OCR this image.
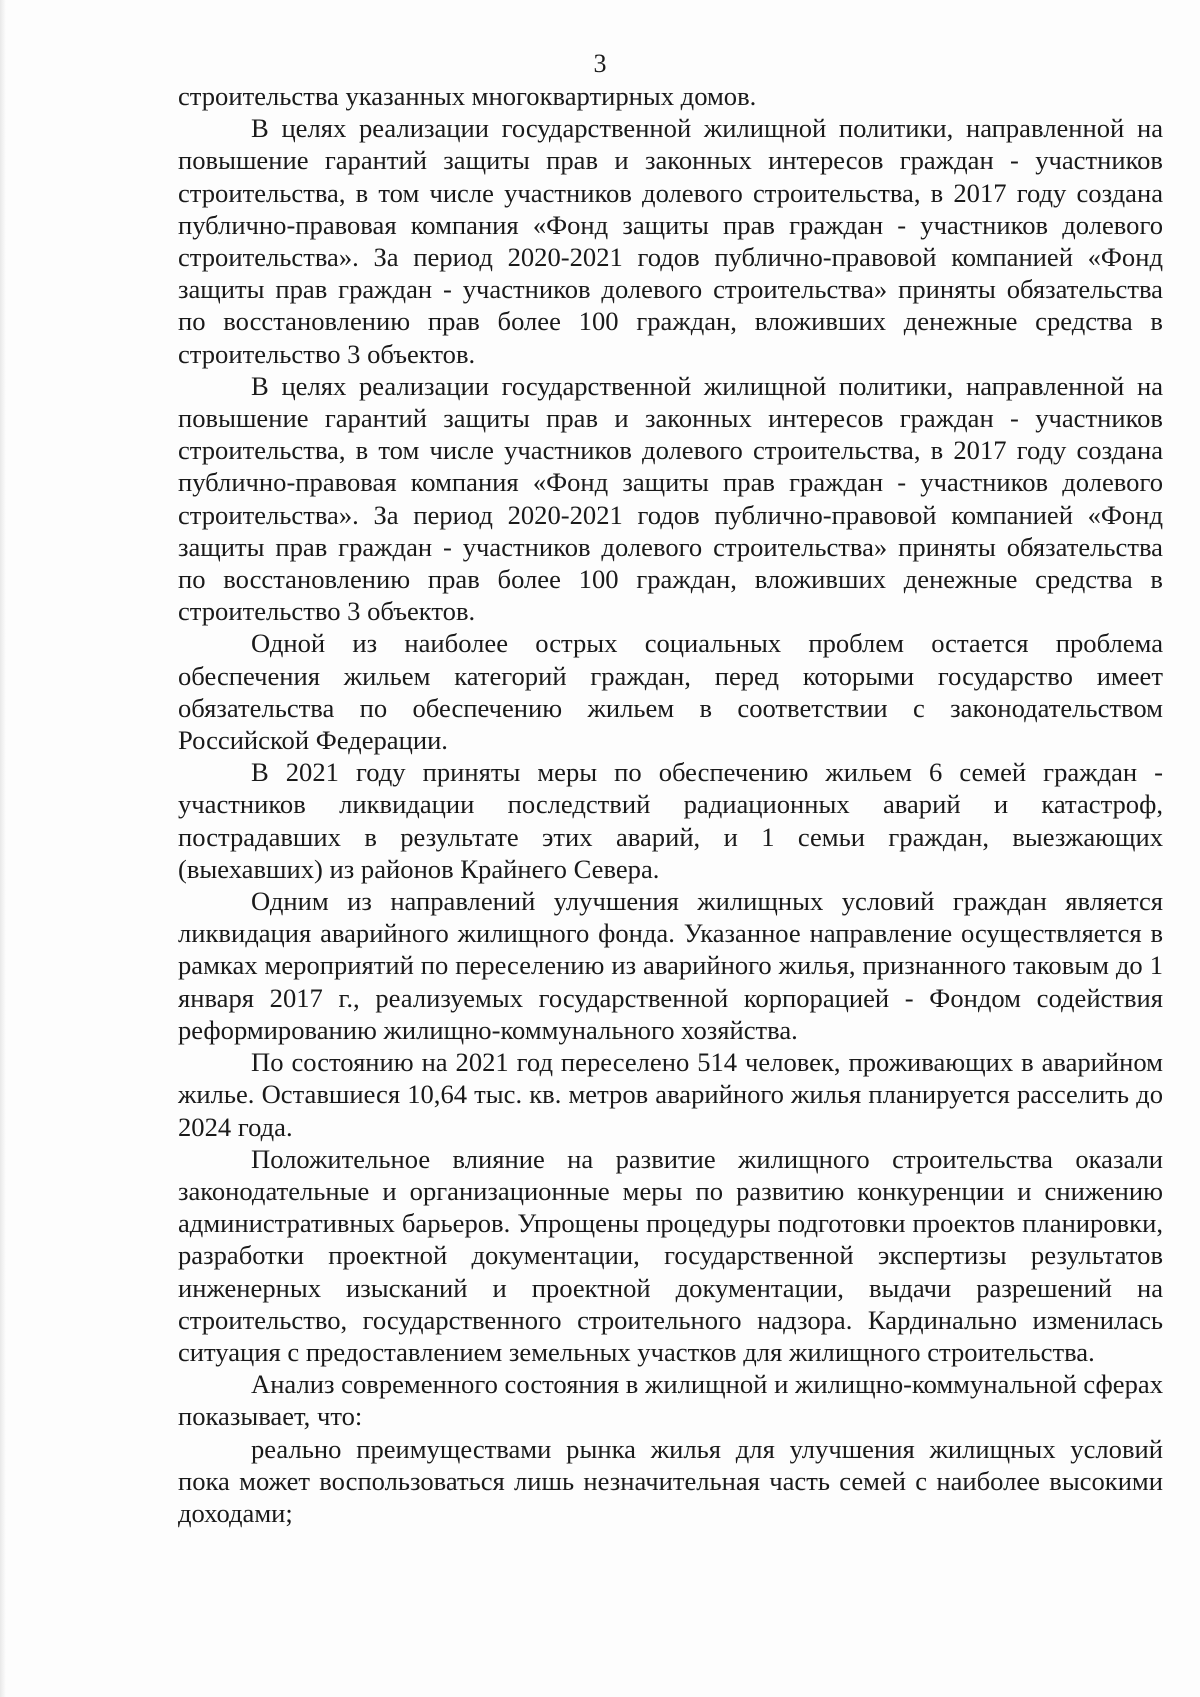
3

строительства указанных многоквартирных домов.

В целях реализации государственной жилищной политики, направленной на повышение гарантий защиты прав и законных интересов граждан - участников строительства, в том числе участников долевого строительства, в 2017 году создана публично-правовая компания «Фонд защиты прав граждан - участников долевого строительства». За период 2020-2021 годов публично-правовой компанией «Фонд защиты прав граждан - участников долевого строительства» приняты обязательства по восстановлению прав более 100 граждан, вложивших денежные средства в строительство 3 объектов.

В целях реализации государственной жилищной политики, направленной на повышение гарантий защиты прав и законных интересов граждан - участников строительства, в том числе участников долевого строительства, в 2017 году создана публично-правовая компания «Фонд защиты прав граждан - участников долевого строительства». За период 2020-2021 годов публично-правовой компанией «Фонд защиты прав граждан - участников долевого строительства» приняты обязательства по восстановлению прав более 100 граждан, вложивших денежные средства в строительство 3 объектов.

Одной из наиболее острых социальных проблем остается проблема обеспечения жильем категорий граждан, перед которыми государство имеет обязательства по обеспечению жильем в соответствии с законодательством Российской Федерации.

В 2021 году приняты меры по обеспечению жильем 6 семей граждан - участников ликвидации последствий радиационных аварий и катастроф, пострадавших в результате этих аварий, и 1 семьи граждан, выезжающих (выехавших) из районов Крайнего Севера.

Одним из направлений улучшения жилищных условий граждан является ликвидация аварийного жилищного фонда. Указанное направление осуществляется в рамках мероприятий по переселению из аварийного жилья, признанного таковым до 1 января 2017 г., реализуемых государственной корпорацией - Фондом содействия реформированию жилищно-коммунального хозяйства.

По состоянию на 2021 год переселено 514 человек, проживающих в аварийном жилье. Оставшиеся 10,64 тыс. кв. метров аварийного жилья планируется расселить до 2024 года.

Положительное влияние на развитие жилищного строительства оказали законодательные и организационные меры по развитию конкуренции и снижению административных барьеров. Упрощены процедуры подготовки проектов планировки, разработки проектной документации, государственной экспертизы результатов инженерных изысканий и проектной документации, выдачи разрешений на строительство, государственного строительного надзора. Кардинально изменилась ситуация с предоставлением земельных участков для жилищного строительства.

Анализ современного состояния в жилищной и жилищно-коммунальной сферах показывает, что:

реально преимуществами рынка жилья для улучшения жилищных условий пока может воспользоваться лишь незначительная часть семей с наиболее высокими доходами;
